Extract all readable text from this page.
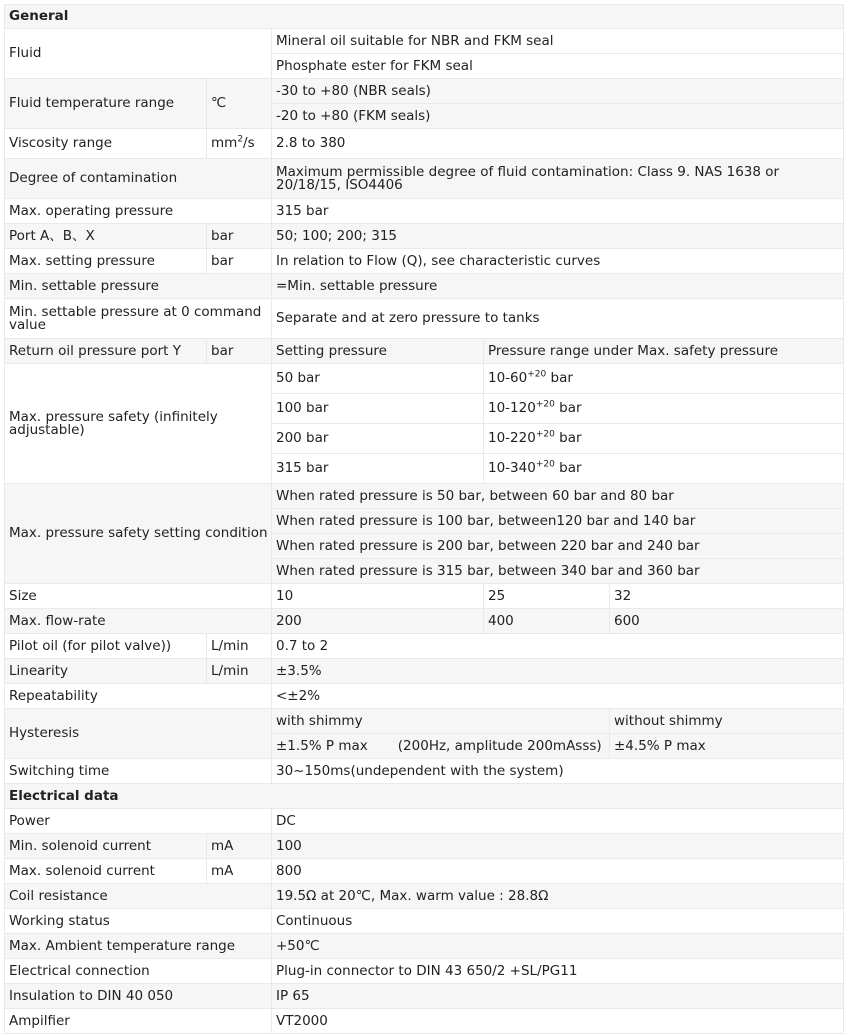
General				
Fluid		Mineral oil suitable for NBR and FKM seal		
		Phosphate ester for FKM seal		
Fluid temperature range	℃	-30 to +80 (NBR seals)		
		-20 to +80 (FKM seals)		
Viscosity range	$mm^2/s$	2.8 to 380		
Degree of contamination		Maximum permissible degree of fluid contamination: Class 9. NAS 1638 or 20/18/15, ISO4406		
Max. operating pressure		315 bar		
Port A、B、X	bar	50; 100; 200; 315		
Max. setting pressure	bar	In relation to Flow (Q), see characteristic curves		
Min. settable pressure		=Min. settable pressure		
Min. settable pressure at 0 command value		Separate and at zero pressure to tanks		
Return oil pressure port Y	bar	Setting pressure	Pressure range under Max. safety pressure	
Max. pressure safety (infinitely adjustable)		50 bar	$10-60^{+20}$ bar	
		100 bar	$10-120^{+20}$ bar	
		200 bar	$10-220^{+20}$ bar	
		315 bar	$10-340^{+20}$ bar	
Max. pressure safety setting condition		When rated pressure is 50 bar, between 60 bar and 80 bar		
		When rated pressure is 100 bar, between120 bar and 140 bar		
		When rated pressure is 200 bar, between 220 bar and 240 bar		
		When rated pressure is 315 bar, between 340 bar and 360 bar		
Size		10	25	32
Max. flow-rate		200	400	600
Pilot oil (for pilot valve))	L/min	0.7 to 2		
Linearity	L/min	±3.5%		
Repeatability		<±2%		
Hysteresis		with shimmy		without shimmy
		±1.5% P max       (200Hz, amplitude 200mAsss)		±4.5% P max
Switching time		30~150ms(undependent with the system)		
Electrical data				
Power		DC		
Min. solenoid current	mA	100		
Max. solenoid current	mA	800		
Coil resistance		19.5Ω at 20℃, Max. warm value : 28.8Ω		
Working status		Continuous		
Max. Ambient temperature range		+50℃		
Electrical connection		Plug-in connector to DIN 43 650/2 +SL/PG11		
Insulation to DIN 40 050		IP 65		
Ampilfier		VT2000		
